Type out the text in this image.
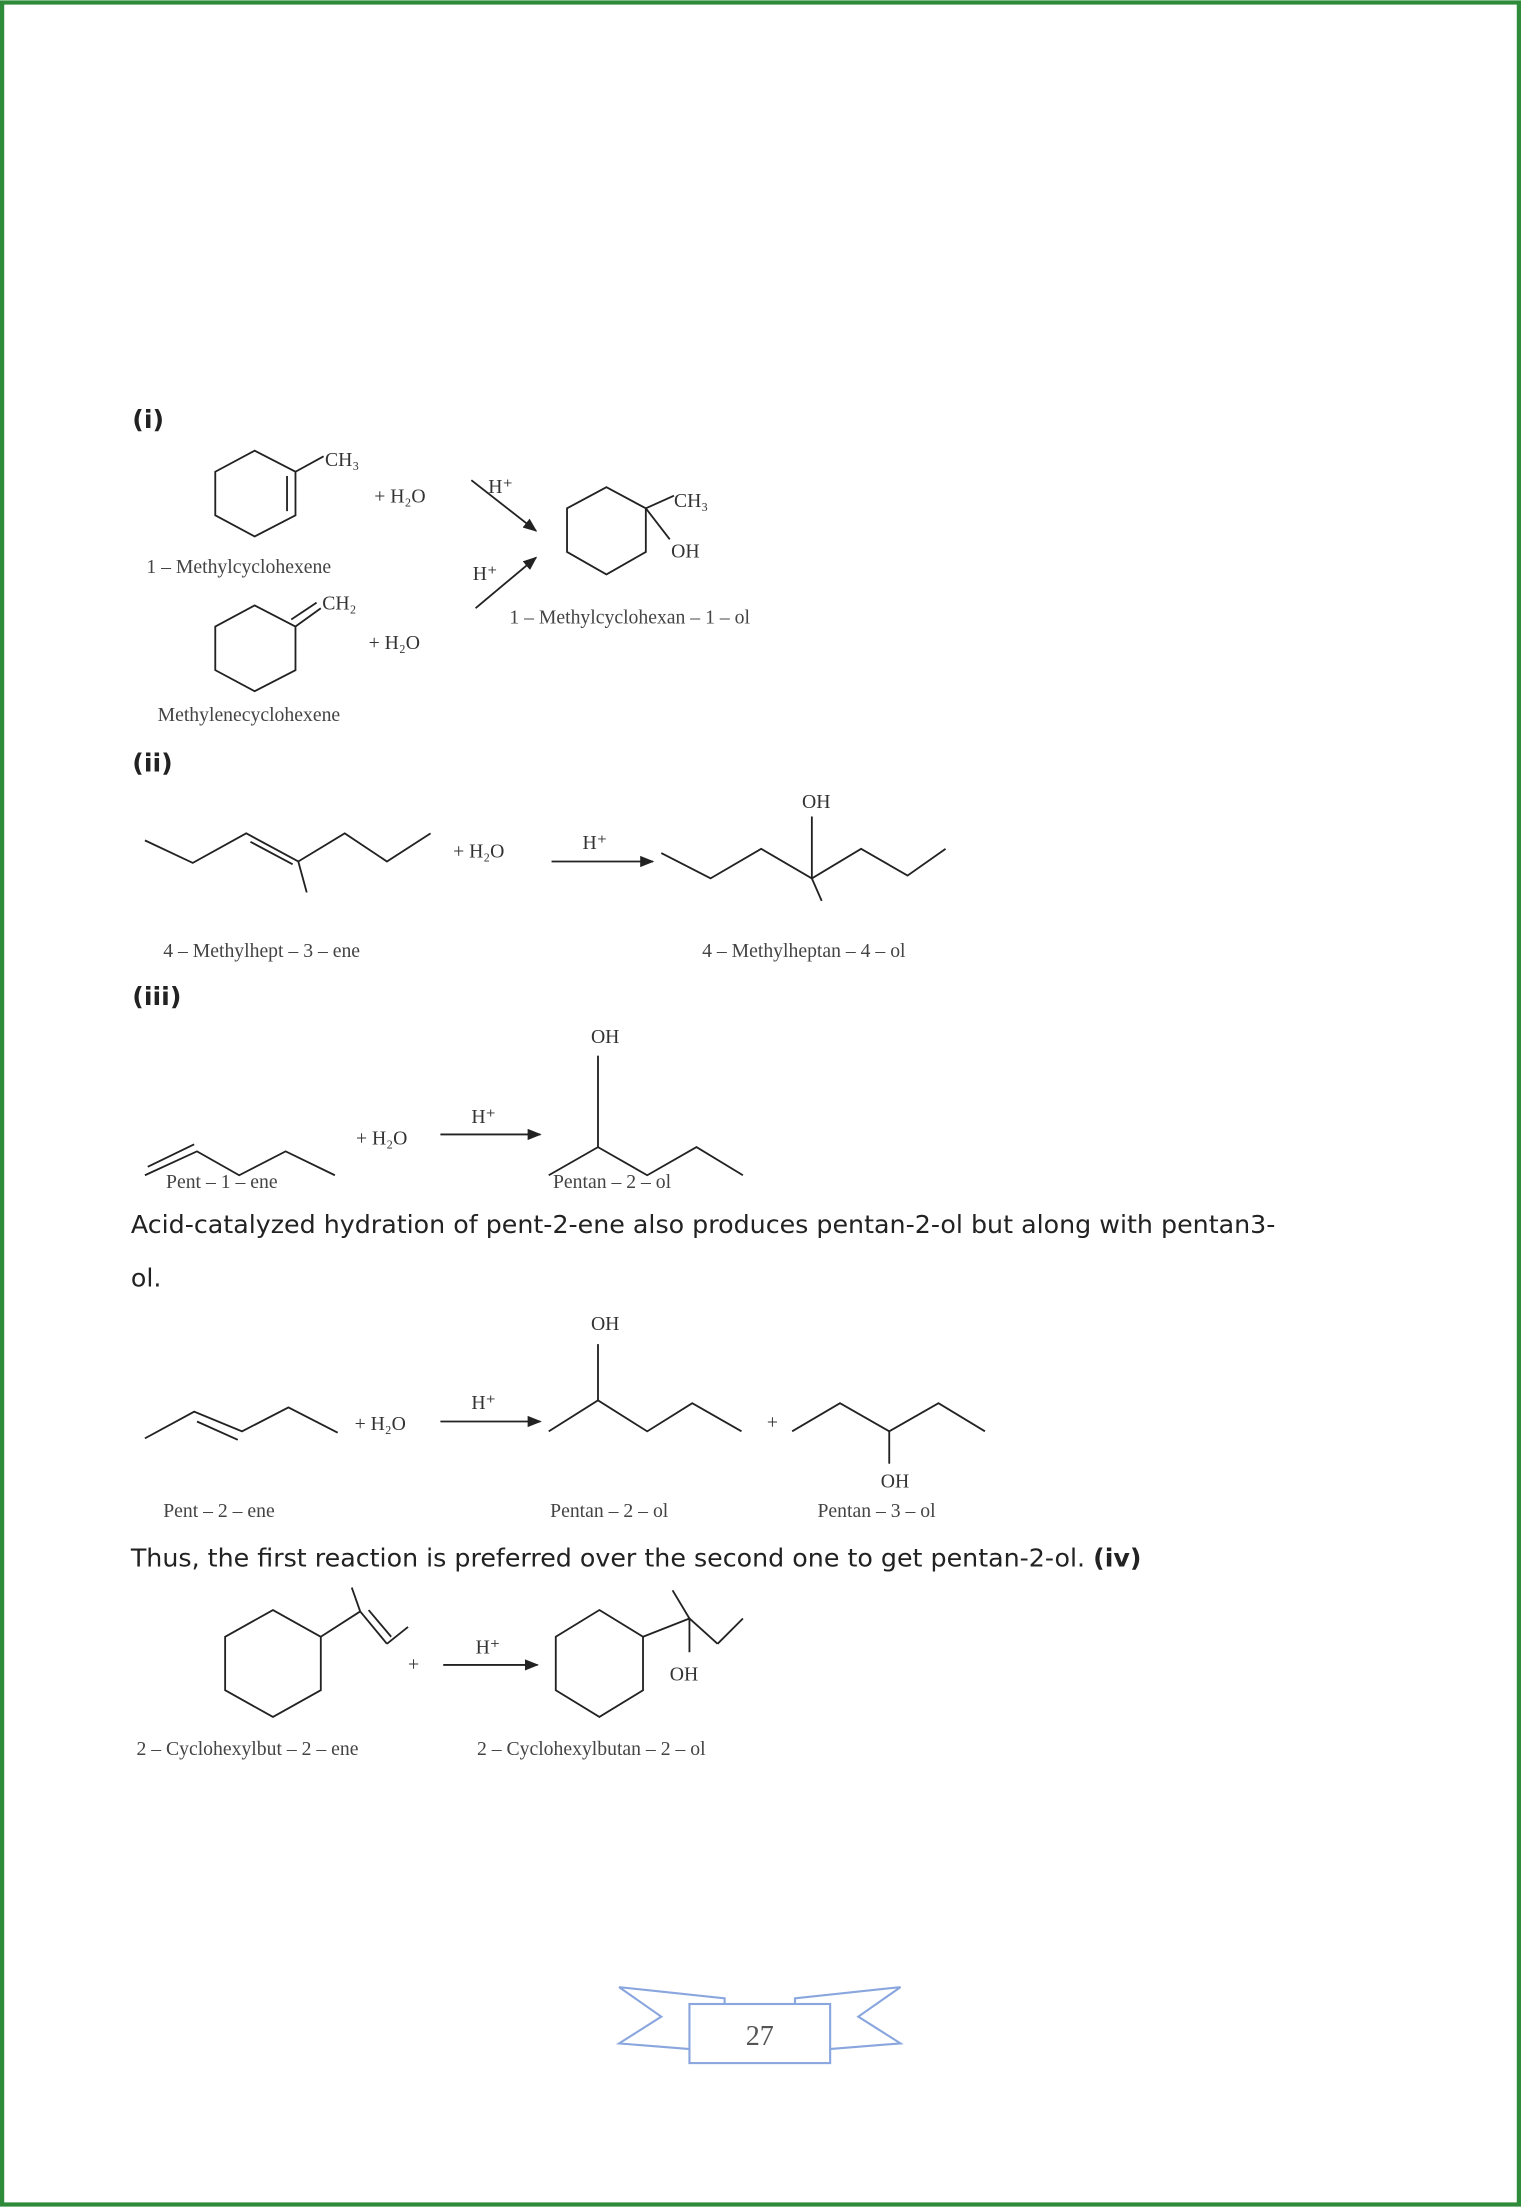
(i)
CH₃
+ H₂O	H⁺
1 – Methylcyclohexene
CH₂
+ H₂O
H⁺
Methylenecyclohexene
CH₃
OH
1 – Methylcyclohexan – 1 – ol
(ii)
+ H₂O	H⁺
OH
4 – Methylhept – 3 – ene	4 – Methylheptan – 4 – ol
(iii)
+ H₂O
H⁺
OH
Pent – 1 – ene	Pentan – 2 – ol
Acid-catalyzed hydration of pent-2-ene also produces pentan-2-ol but along with pentan3-
ol.
+ H₂O
H⁺
OH
+
OH
Pent – 2 – ene	Pentan – 2 – ol	Pentan – 3 – ol
Thus, the first reaction is preferred over the second one to get pentan-2-ol. (iv)
+
H⁺
OH
2 – Cyclohexylbut – 2 – ene	2 – Cyclohexylbutan – 2 – ol
27
